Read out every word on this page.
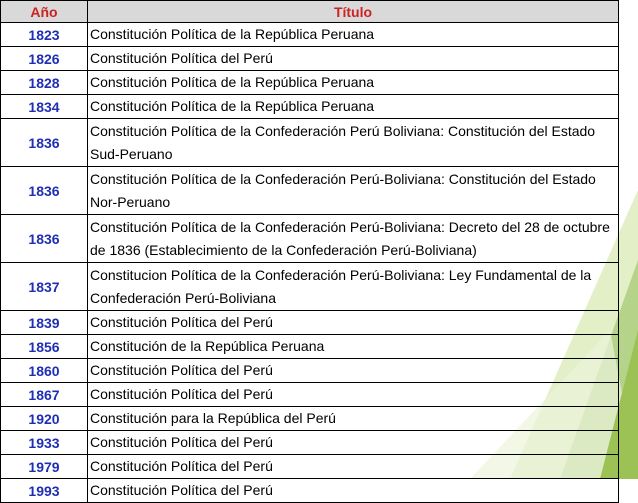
Año	Título
1823	Constitución Política de la República Peruana
1826	Constitución Política del Perú
1828	Constitución Política de la República Peruana
1834	Constitución Política de la República Peruana
1836	Constitución Política de la Confederación Perú Boliviana: Constitución del Estado Sud-Peruano
1836	Constitución Política de la Confederación Perú-Boliviana: Constitución del Estado Nor-Peruano
1836	Constitución Política de la Confederación Perú-Boliviana: Decreto del 28 de octubre de 1836 (Establecimiento de la Confederación Perú-Boliviana)
1837	Constitucion Política de la Confederación Perú-Boliviana: Ley Fundamental de la Confederación Perú-Boliviana
1839	Constitución Política del Perú
1856	Constitución de la República Peruana
1860	Constitución Política del Perú
1867	Constitución Política del Perú
1920	Constitución para la República del Perú
1933	Constitución Política del Perú
1979	Constitución Política del Perú
1993	Constitución Política del Perú
